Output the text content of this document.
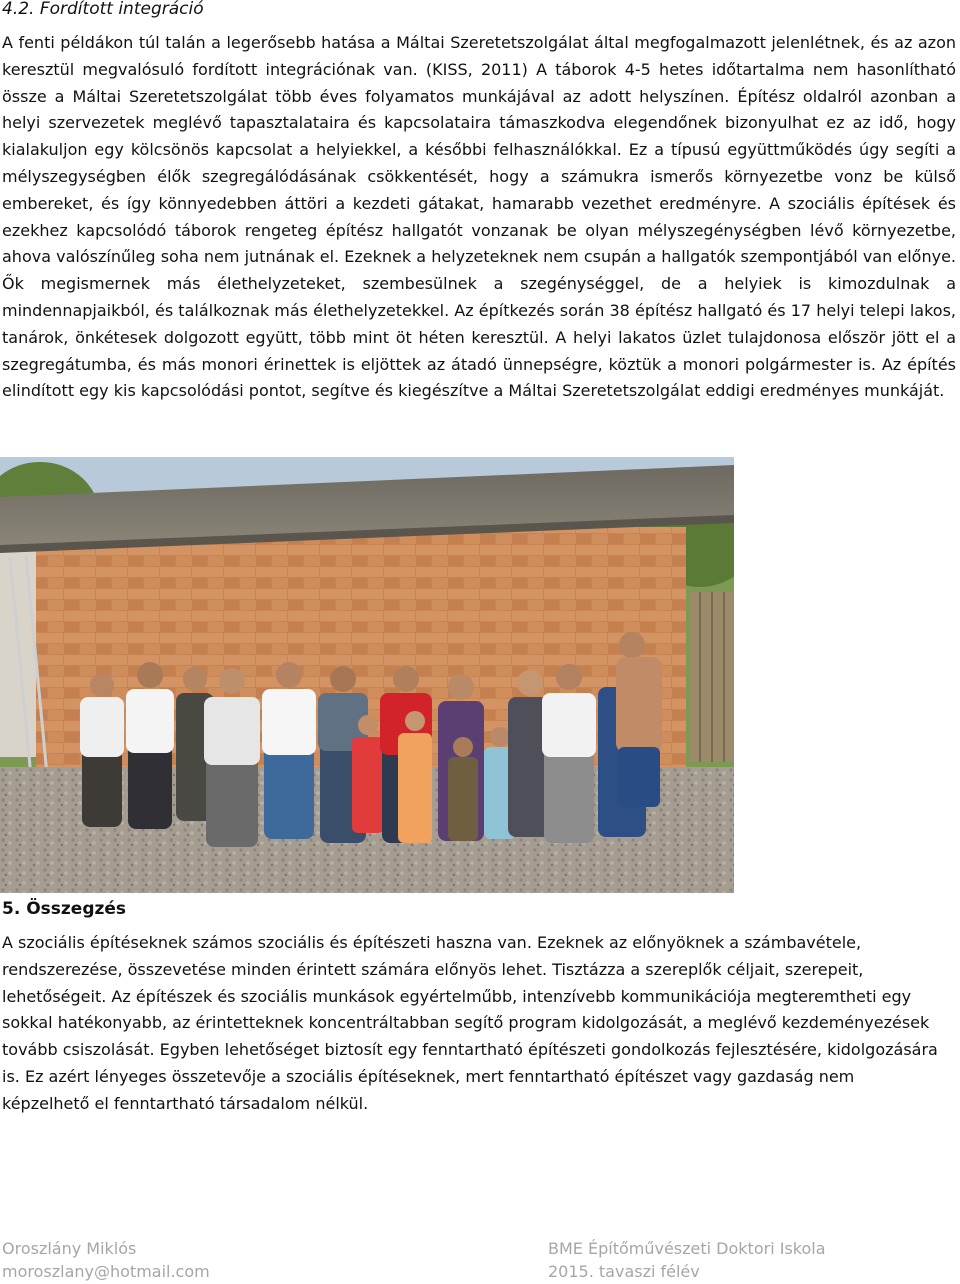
4.2. Fordított integráció

A fenti példákon túl talán a legerősebb hatása a Máltai Szeretetszolgálat által megfogalmazott jelenlétnek, és az azon keresztül megvalósuló fordított integrációnak van. (KISS, 2011) A táborok 4-5 hetes időtartalma nem hasonlítható össze a Máltai Szeretetszolgálat több éves folyamatos munkájával az adott helyszínen. Építész oldalról azonban a helyi szervezetek meglévő tapasztalataira és kapcsolataira támaszkodva elegendőnek bizonyulhat ez az idő, hogy kialakuljon egy kölcsönös kapcsolat a helyiekkel, a későbbi felhasználókkal. Ez a típusú együttműködés úgy segíti a mélyszegységben élők szegregálódásának csökkentését, hogy a számukra ismerős környezetbe vonz be külső embereket, és így könnyedebben áttöri a kezdeti gátakat, hamarabb vezethet eredményre. A szociális építések és ezekhez kapcsolódó táborok rengeteg építész hallgatót vonzanak be olyan mélyszegénységben lévő környezetbe, ahova valószínűleg soha nem jutnának el. Ezeknek a helyzeteknek nem csupán a hallgatók szempontjából van előnye. Ők megismernek más élethelyzeteket, szembesülnek a szegénységgel, de a helyiek is kimozdulnak a mindennapjaikból, és találkoznak más élethelyzetekkel. Az építkezés során 38 építész hallgató és 17 helyi telepi lakos, tanárok, önkétesek dolgozott együtt, több mint öt héten keresztül. A helyi lakatos üzlet tulajdonosa először jött el a szegregátumba, és más monori érinettek is eljöttek az átadó ünnepségre, köztük a monori polgármester is. Az építés elindított egy kis kapcsolódási pontot, segítve és kiegészítve a Máltai Szeretetszolgálat eddigi eredményes munkáját.

5. Összegzés

A szociális építéseknek számos szociális és építészeti haszna van. Ezeknek az előnyöknek a számbavétele, rendszerezése, összevetése minden érintett számára előnyös lehet. Tisztázza a szereplők céljait, szerepeit, lehetőségeit. Az építészek és szociális munkások egyértelműbb, intenzívebb kommunikációja megteremtheti egy sokkal hatékonyabb, az érintetteknek koncentráltabban segítő program kidolgozását, a meglévő kezdeményezések tovább csiszolását. Egyben lehetőséget biztosít egy fenntartható építészeti gondolkozás fejlesztésére, kidolgozására is. Ez azért lényeges összetevője a szociális építéseknek, mert fenntartható építészet vagy gazdaság nem képzelhető el fenntartható társadalom nélkül.

Oroszlány Miklós
moroszlany@hotmail.com
BME Építőművészeti Doktori Iskola
2015. tavaszi félév
